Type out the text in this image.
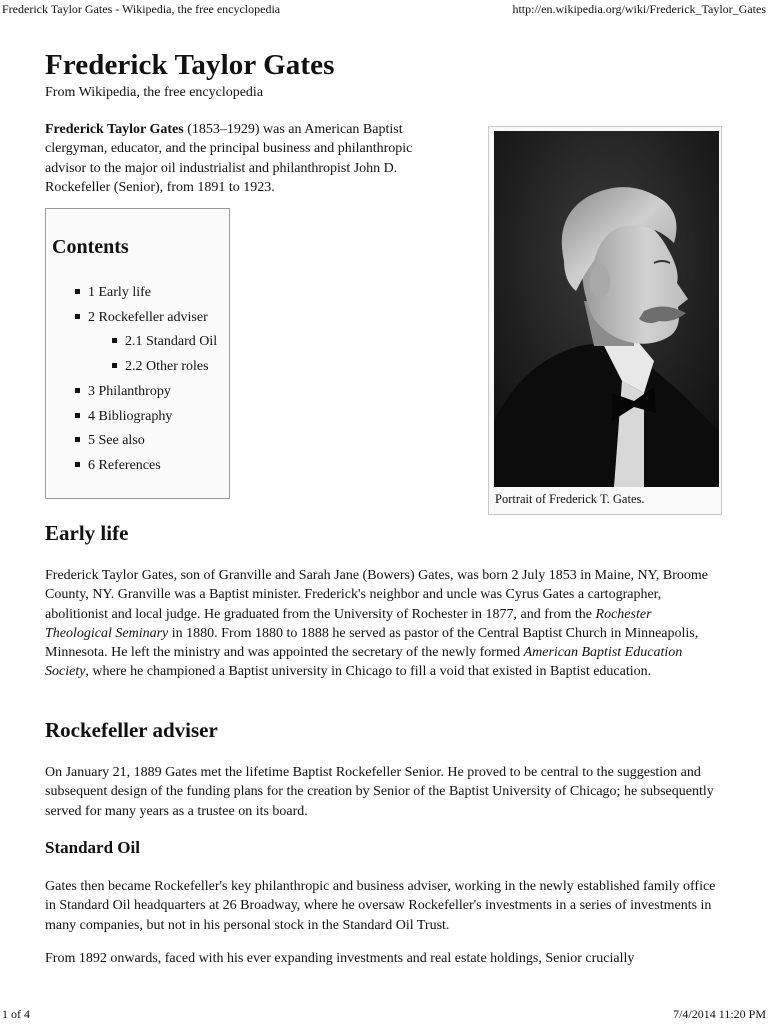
Frederick Taylor Gates - Wikipedia, the free encyclopedia	http://en.wikipedia.org/wiki/Frederick_Taylor_Gates
Frederick Taylor Gates
From Wikipedia, the free encyclopedia

Frederick Taylor Gates (1853–1929) was an American Baptist clergyman, educator, and the principal business and philanthropic advisor to the major oil industrialist and philanthropist John D. Rockefeller (Senior), from 1891 to 1923.

Contents
1 Early life
2 Rockefeller adviser
2.1 Standard Oil
2.2 Other roles
3 Philanthropy
4 Bibliography
5 See also
6 References
Portrait of Frederick T. Gates.
Early life

Frederick Taylor Gates, son of Granville and Sarah Jane (Bowers) Gates, was born 2 July 1853 in Maine, NY, Broome County, NY. Granville was a Baptist minister. Frederick's neighbor and uncle was Cyrus Gates a cartographer, abolitionist and local judge. He graduated from the University of Rochester in 1877, and from the Rochester Theological Seminary in 1880. From 1880 to 1888 he served as pastor of the Central Baptist Church in Minneapolis, Minnesota. He left the ministry and was appointed the secretary of the newly formed American Baptist Education Society, where he championed a Baptist university in Chicago to fill a void that existed in Baptist education.

Rockefeller adviser

On January 21, 1889 Gates met the lifetime Baptist Rockefeller Senior. He proved to be central to the suggestion and subsequent design of the funding plans for the creation by Senior of the Baptist University of Chicago; he subsequently served for many years as a trustee on its board.

Standard Oil

Gates then became Rockefeller's key philanthropic and business adviser, working in the newly established family office in Standard Oil headquarters at 26 Broadway, where he oversaw Rockefeller's investments in a series of investments in many companies, but not in his personal stock in the Standard Oil Trust.

From 1892 onwards, faced with his ever expanding investments and real estate holdings, Senior crucially

1 of 4	7/4/2014 11:20 PM
